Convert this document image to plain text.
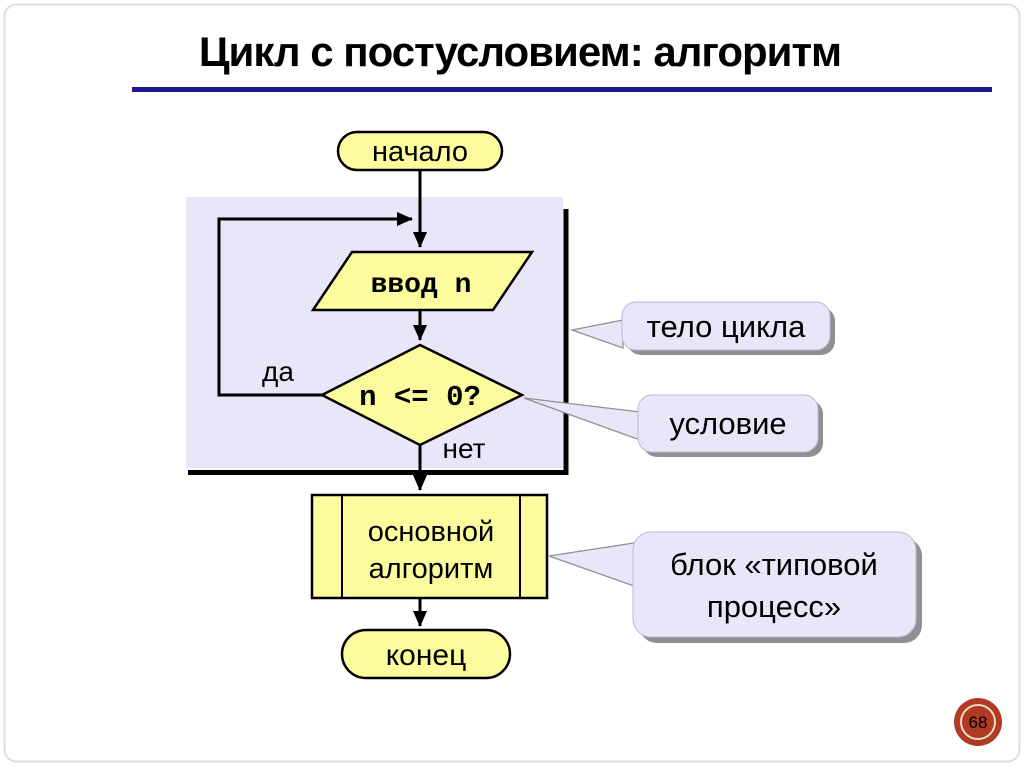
Цикл с постусловием: алгоритм
тело цикла
условие
блок «типовой
процесс»
начало
ввод n
n <= 0?
да
нет
основной
алгоритм
конец
68
